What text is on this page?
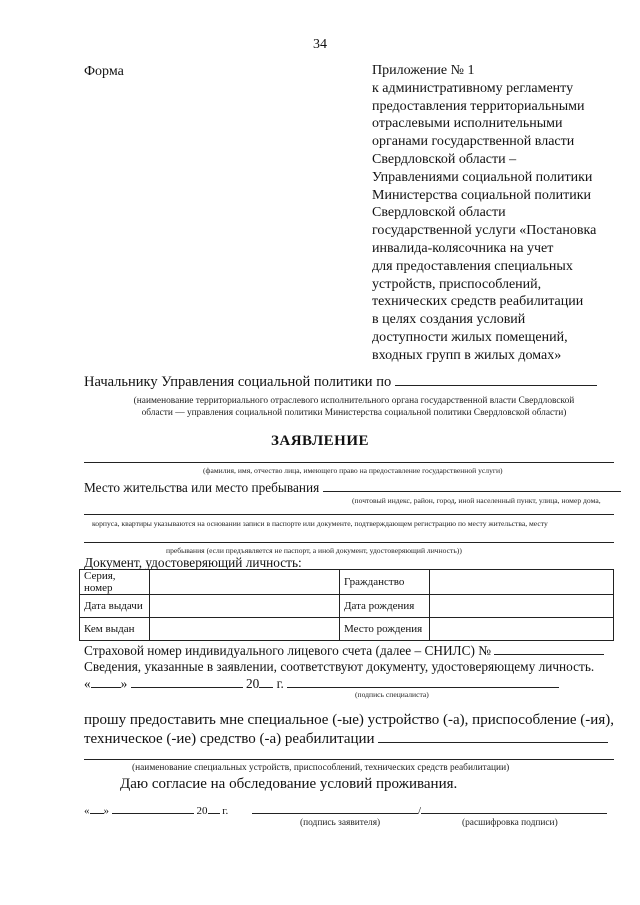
34
Форма	Приложение № 1
к административному регламенту
предоставления территориальными
отраслевыми исполнительными
органами государственной власти
Свердловской области –
Управлениями социальной политики
Министерства социальной политики
Свердловской области
государственной услуги «Постановка
инвалида-колясочника на учет
для предоставления специальных
устройств, приспособлений,
технических средств реабилитации
в целях создания условий
доступности жилых помещений,
входных групп в жилых домах»
Начальнику Управления социальной политики по
(наименование территориального отраслевого исполнительного органа государственной власти Свердловской
области — управления социальной политики Министерства социальной политики Свердловской области)
ЗАЯВЛЕНИЕ
(фамилия, имя, отчество лица, имеющего право на предоставление государственной услуги)
Место жительства или место пребывания
(почтовый индекс, район, город, иной населенный пункт, улица, номер дома,
корпуса, квартиры указываются на основании записи в паспорте или документе, подтверждающем регистрацию по месту жительства, месту
пребывания (если предъявляется не паспорт, а иной документ, удостоверяющий личность))
Документ, удостоверяющий личность:
Серия, номер		Гражданство	
Дата выдачи		Дата рождения	
Кем выдан		Место рождения	
Страховой номер индивидуального лицевого счета (далее – СНИЛС) №
Сведения, указанные в заявлении, соответствуют документу, удостоверяющему личность.
« »	20 г.
(подпись специалиста)
прошу предоставить мне специальное (-ые) устройство (-а), приспособление (-ия),
техническое (-ие) средство (-а) реабилитации
(наименование специальных устройств, приспособлений, технических средств реабилитации)
Даю согласие на обследование условий проживания.
« »	20 г.	/
(подпись заявителя)	(расшифровка подписи)
